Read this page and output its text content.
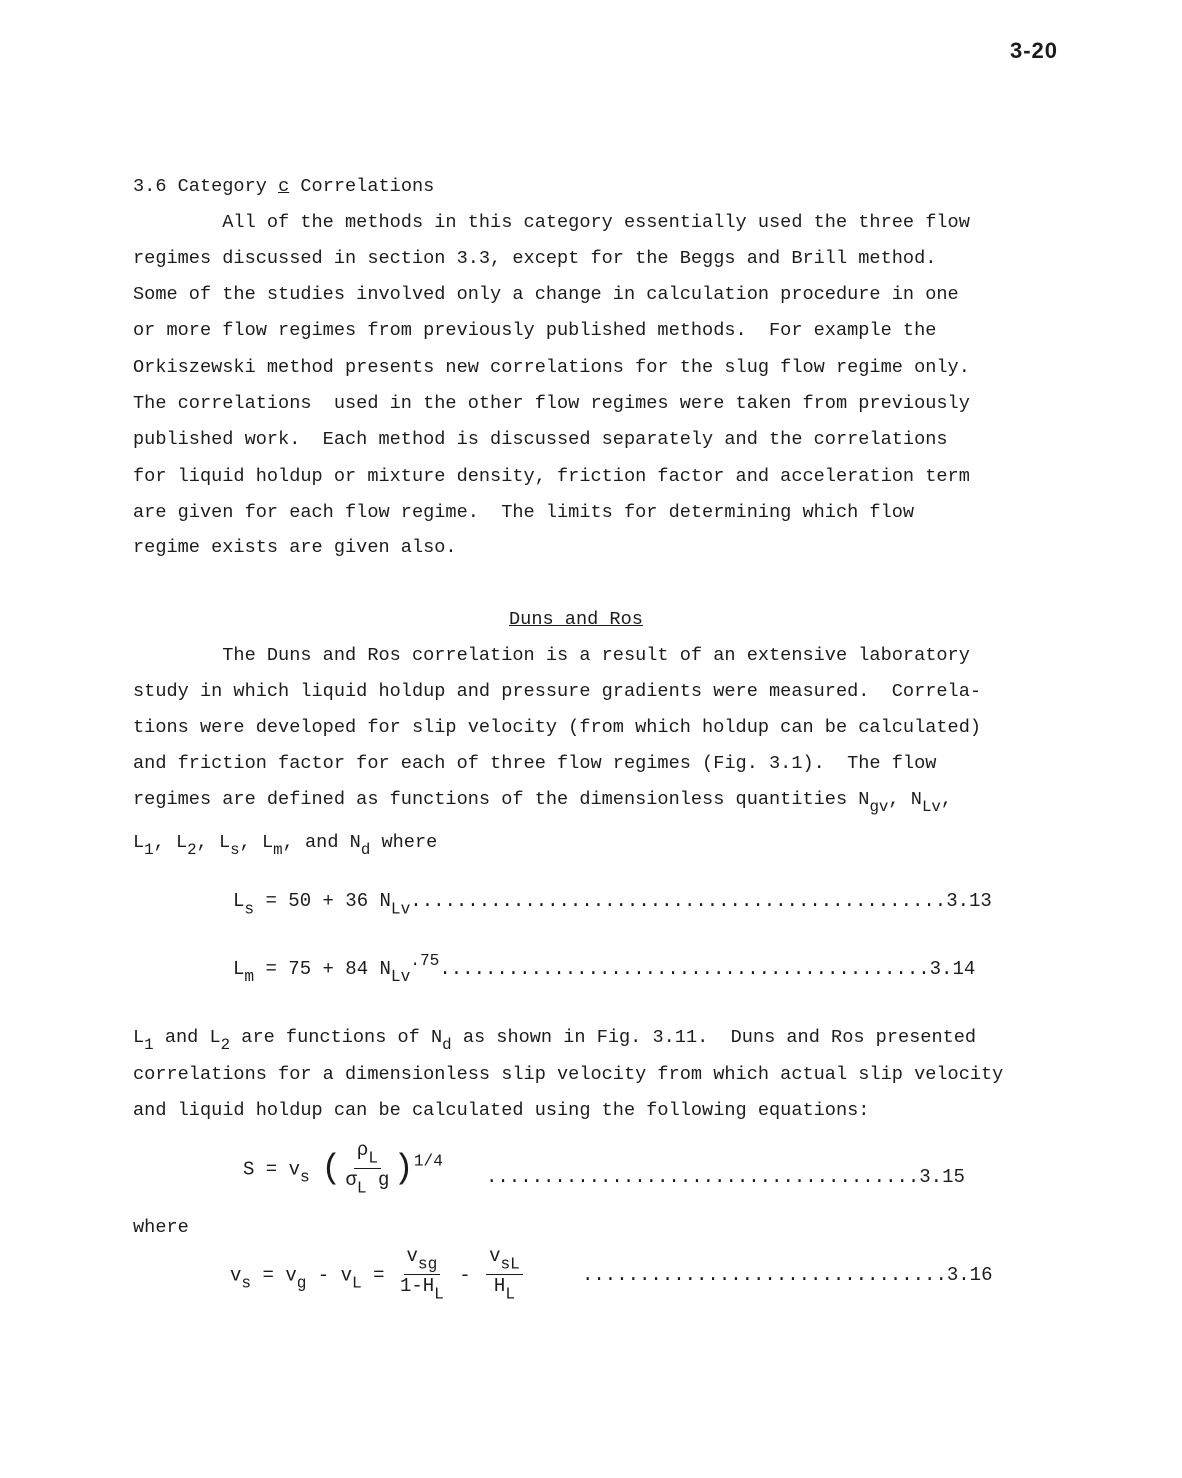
3-20
3.6 Category c Correlations
All of the methods in this category essentially used the three flow
regimes discussed in section 3.3, except for the Beggs and Brill method.
Some of the studies involved only a change in calculation procedure in one
or more flow regimes from previously published methods.  For example the
Orkiszewski method presents new correlations for the slug flow regime only.
The correlations  used in the other flow regimes were taken from previously
published work.  Each method is discussed separately and the correlations
for liquid holdup or mixture density, friction factor and acceleration term
are given for each flow regime.  The limits for determining which flow
regime exists are given also.
Duns and Ros
The Duns and Ros correlation is a result of an extensive laboratory
study in which liquid holdup and pressure gradients were measured.  Correla-
tions were developed for slip velocity (from which holdup can be calculated)
and friction factor for each of three flow regimes (Fig. 3.1).  The flow
regimes are defined as functions of the dimensionless quantities $N_{gv}$, $N_{Lv}$,
$L_1$, $L_2$, $L_s$, $L_m$, and $N_d$ where
$L_s = 50 + 36$ $N_{Lv}...............................................3.13$
$L_m = 75 + 84$ $N_{Lv}^{.75}...........................................3.14$
$L_1$ and $L_2$ are functions of $N_d$ as shown in Fig. 3.11.  Duns and Ros presented
correlations for a dimensionless slip velocity from which actual slip velocity
and liquid holdup can be calculated using the following equations:
$S = v_s$ ( $\frac{\rho_L}{\sigma_L g} )^{1/4}$
......................................3.15
where
$v_s = v_g - v_L = \frac{v_{sg}}{1-H_L} - \frac{v_{sL}}{H_L}$	................................3.16
